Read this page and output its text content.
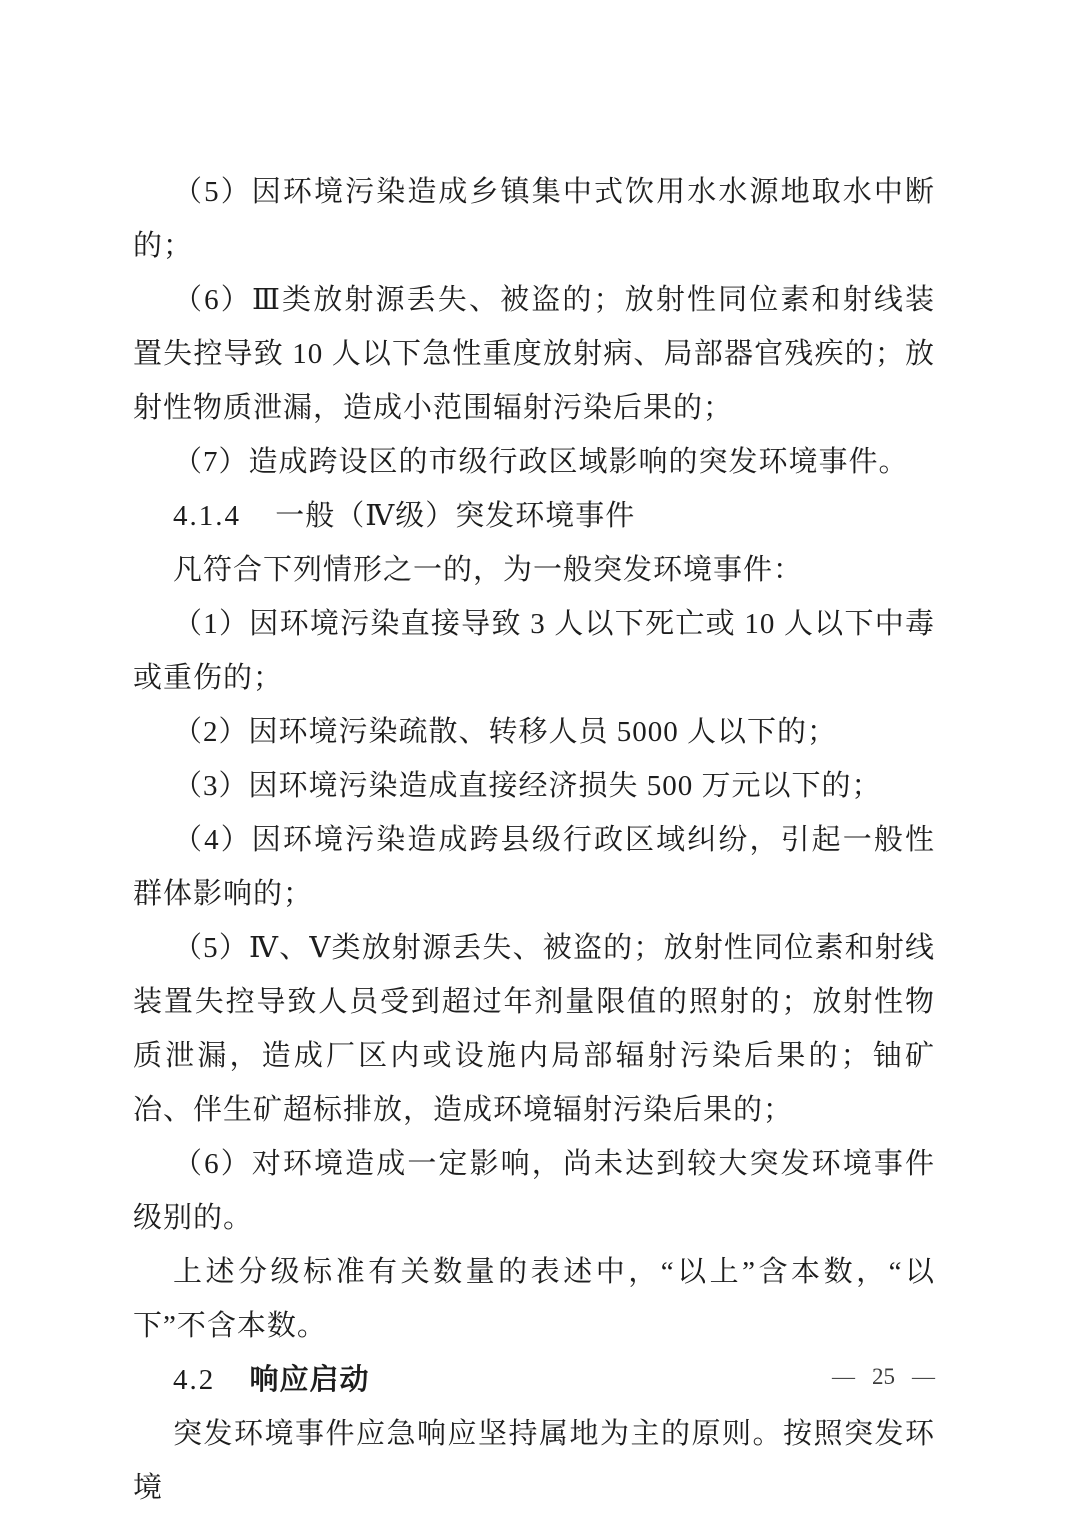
（5）因环境污染造成乡镇集中式饮用水水源地取水中断的；

（6）Ⅲ类放射源丢失、被盗的；放射性同位素和射线装置失控导致 10 人以下急性重度放射病、局部器官残疾的；放射性物质泄漏，造成小范围辐射污染后果的；

（7）造成跨设区的市级行政区域影响的突发环境事件。

4.1.4 一般（Ⅳ级）突发环境事件

凡符合下列情形之一的，为一般突发环境事件：

（1）因环境污染直接导致 3 人以下死亡或 10 人以下中毒或重伤的；

（2）因环境污染疏散、转移人员 5000 人以下的；

（3）因环境污染造成直接经济损失 500 万元以下的；

（4）因环境污染造成跨县级行政区域纠纷，引起一般性群体影响的；

（5）Ⅳ、Ⅴ类放射源丢失、被盗的；放射性同位素和射线装置失控导致人员受到超过年剂量限值的照射的；放射性物质泄漏，造成厂区内或设施内局部辐射污染后果的；铀矿冶、伴生矿超标排放，造成环境辐射污染后果的；

（6）对环境造成一定影响，尚未达到较大突发环境事件级别的。

上述分级标准有关数量的表述中，“以上”含本数，“以下”不含本数。

4.2 响应启动

突发环境事件应急响应坚持属地为主的原则。按照突发环境

— 25 —
